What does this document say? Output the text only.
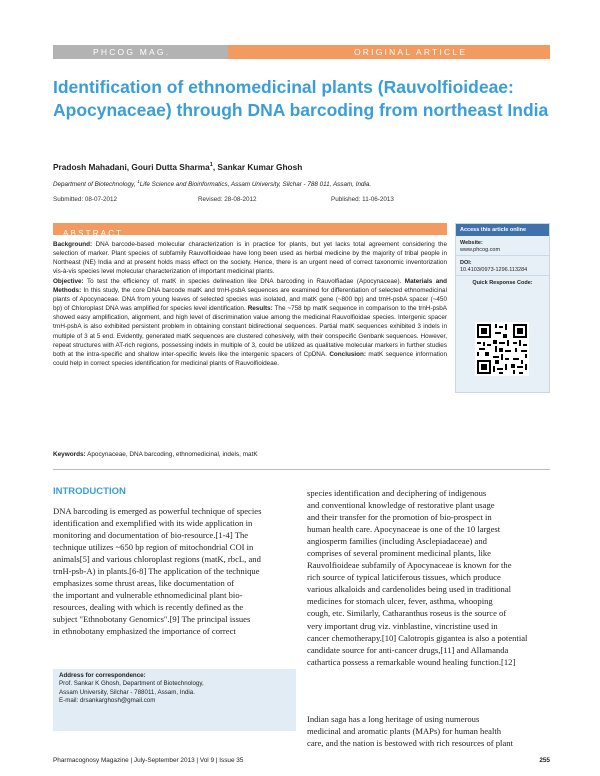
PHCOG MAG.	ORIGINAL ARTICLE
Identification of ethnomedicinal plants (Rauvolfioideae: Apocynaceae) through DNA barcoding from northeast India
Pradosh Mahadani, Gouri Dutta Sharma$^1$, Sankar Kumar Ghosh
Department of Biotechnology, $^1$Life Science and Bioinformatics, Assam University, Silchar - 788 011, Assam, India.
Submitted: 08-07-2012	Revised: 28-08-2012	Published: 11-06-2013
ABSTRACT

Background: DNA barcode-based molecular characterization is in practice for plants, but yet lacks total agreement considering the selection of marker. Plant species of subfamily Rauvolfioideae have long been used as herbal medicine by the majority of tribal people in Northeast (NE) India and at present holds mass effect on the society. Hence, there is an urgent need of correct taxonomic inventorization vis-à-vis species level molecular characterization of important medicinal plants.

Objective: To test the efficiency of matK in species delineation like DNA barcoding in Rauvolfiadae (Apocynaceae). Materials and Methods: In this study, the core DNA barcode matK and trnH-psbA sequences are examined for differentiation of selected ethnomedicinal plants of Apocynaceae. DNA from young leaves of selected species was isolated, and matK gene (~800 bp) and trnH-psbA spacer (~450 bp) of Chloroplast DNA was amplified for species level identification. Results: The ~758 bp matK sequence in comparison to the trnH-psbA showed easy amplification, alignment, and high level of discrimination value among the medicinal Rauvolfioidae species. Intergenic spacer trnH-psbA is also exhibited persistent problem in obtaining constant bidirectional sequences. Partial matK sequences exhibited 3 indels in multiple of 3 at 5 end. Evidently, generated matK sequences are clustered cohesively, with their conspecific Genbank sequences. However, repeat structures with AT-rich regions, possessing indels in multiple of 3, could be utilized as qualitative molecular markers in further studies both at the intra-specific and shallow inter-specific levels like the intergenic spacers of CpDNA. Conclusion: matK sequence information could help in correct species identification for medicinal plants of Rauvolfioideae.

Keywords: Apocynaceae, DNA barcoding, ethnomedicinal, indels, matK
Access this article online
Website:
www.phcog.com
DOI:
10.4103/0973-1296.113284
Quick Response Code:
INTRODUCTION
DNA barcoding is emerged as powerful technique of species
identification and exemplified with its wide application in
monitoring and documentation of bio-resource.[1-4] The
technique utilizes ~650 bp region of mitochondrial COI in
animals[5] and various chloroplast regions (matK, rbcL, and
trnH-psb-A) in plants.[6-8] The application of the technique
emphasizes some thrust areas, like documentation of
the important and vulnerable ethnomedicinal plant bio-
resources, dealing with which is recently defined as the
subject "Ethnobotany Genomics".[9] The principal issues
in ethnobotany emphasized the importance of correct
species identification and deciphering of indigenous
and conventional knowledge of restorative plant usage
and their transfer for the promotion of bio-prospect in
human health care. Apocynaceae is one of the 10 largest
angiosperm families (including Asclepiadaceae) and
comprises of several prominent medicinal plants, like
Rauvolfioideae subfamily of Apocynaceae is known for the
rich source of typical laticiferous tissues, which produce
various alkaloids and cardenolides being used in traditional
medicines for stomach ulcer, fever, asthma, whooping
cough, etc. Similarly, Catharanthus roseus is the source of
very important drug viz. vinblastine, vincristine used in
cancer chemotherapy.[10] Calotropis gigantea is also a potential
candidate source for anti-cancer drugs,[11] and Allamanda
cathartica possess a remarkable wound healing function.[12]
Indian saga has a long heritage of using numerous
medicinal and aromatic plants (MAPs) for human health
care, and the nation is bestowed with rich resources of plant
Address for correspondence:
Prof. Sankar K Ghosh, Department of Biotechnology,
Assam University, Silchar - 788011, Assam, India.
E-mail: drsankarghosh@gmail.com
Pharmacognosy Magazine | July-September 2013 | Vol 9 | Issue 35	255
